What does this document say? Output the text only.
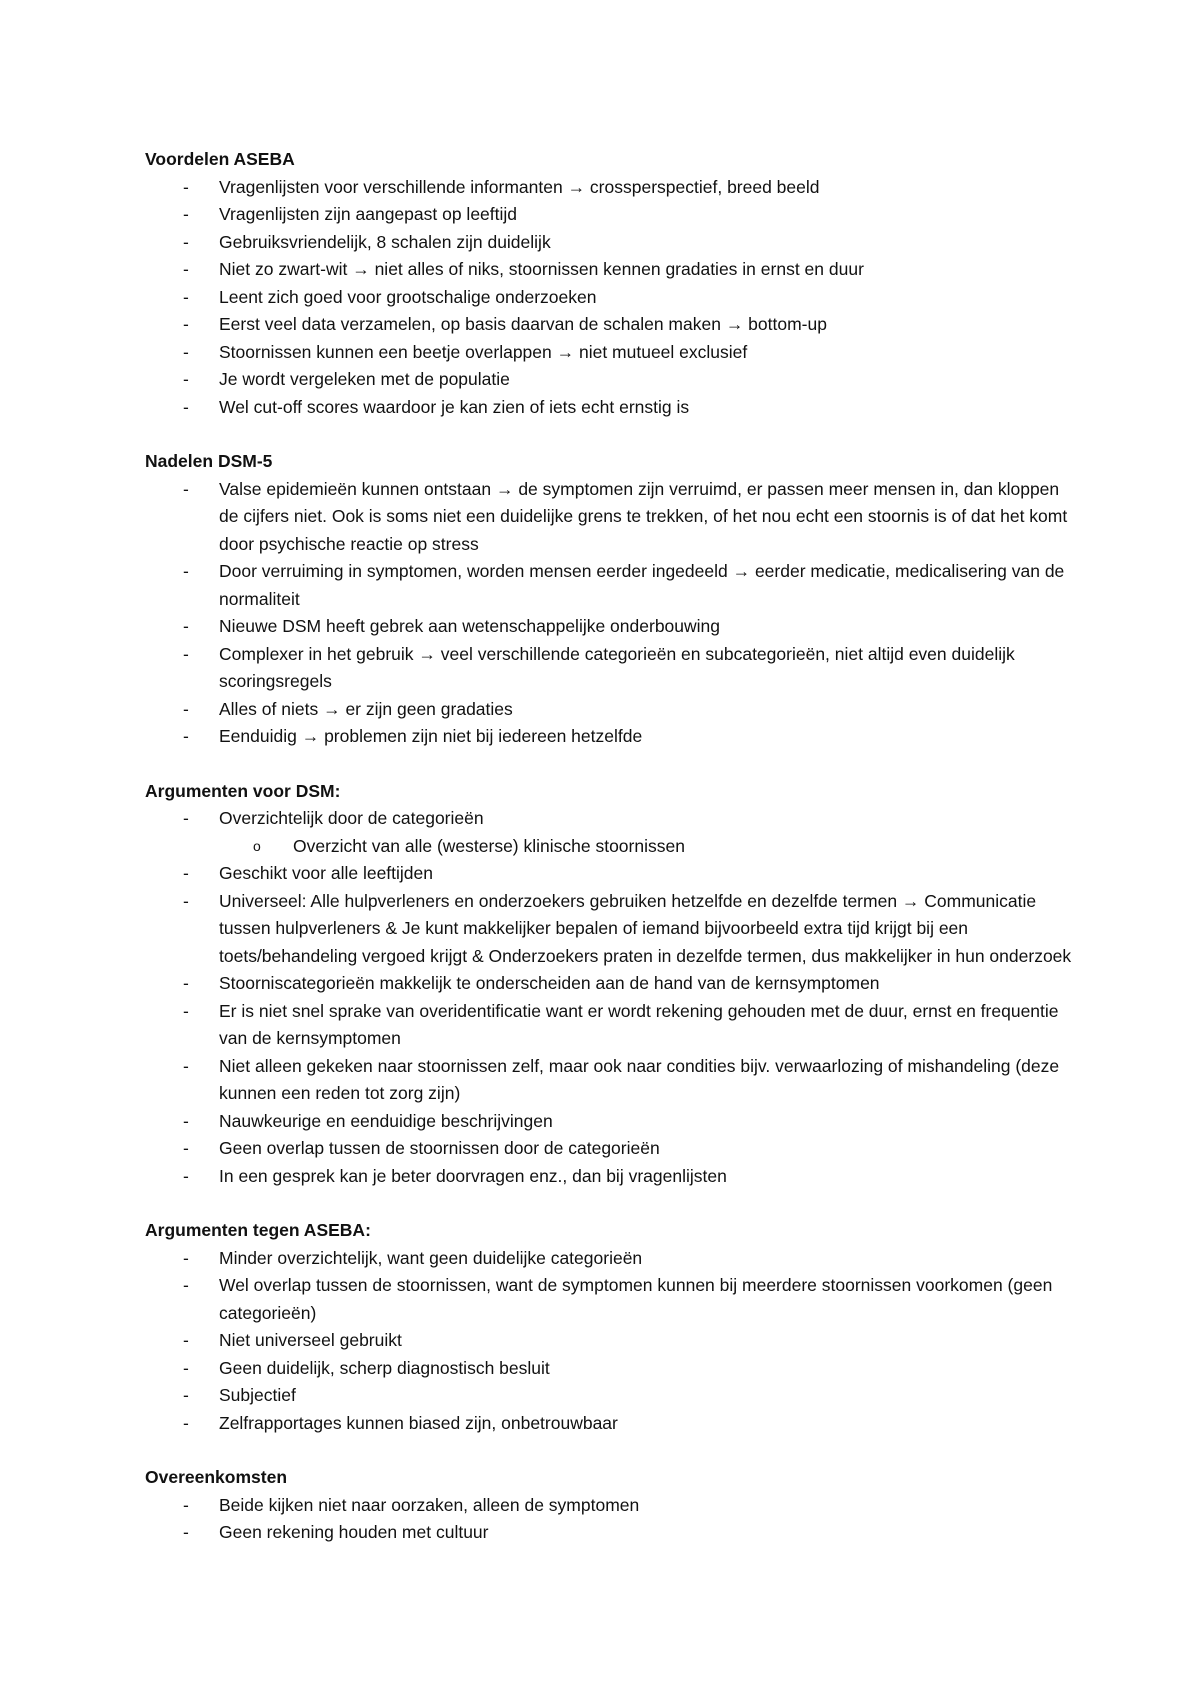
Voordelen ASEBA
-	Vragenlijsten voor verschillende informanten → crossperspectief, breed beeld
-	Vragenlijsten zijn aangepast op leeftijd
-	Gebruiksvriendelijk, 8 schalen zijn duidelijk
-	Niet zo zwart-wit → niet alles of niks, stoornissen kennen gradaties in ernst en duur
-	Leent zich goed voor grootschalige onderzoeken
-	Eerst veel data verzamelen, op basis daarvan de schalen maken → bottom-up
-	Stoornissen kunnen een beetje overlappen → niet mutueel exclusief
-	Je wordt vergeleken met de populatie
-	Wel cut-off scores waardoor je kan zien of iets echt ernstig is
Nadelen DSM-5
-	Valse epidemieën kunnen ontstaan → de symptomen zijn verruimd, er passen meer mensen in, dan kloppen de cijfers niet. Ook is soms niet een duidelijke grens te trekken, of het nou echt een stoornis is of dat het komt door psychische reactie op stress
-	Door verruiming in symptomen, worden mensen eerder ingedeeld → eerder medicatie, medicalisering van de normaliteit
-	Nieuwe DSM heeft gebrek aan wetenschappelijke onderbouwing
-	Complexer in het gebruik → veel verschillende categorieën en subcategorieën, niet altijd even duidelijk scoringsregels
-	Alles of niets → er zijn geen gradaties
-	Eenduidig → problemen zijn niet bij iedereen hetzelfde
Argumenten voor DSM:
-	Overzichtelijk door de categorieën
o Overzicht van alle (westerse) klinische stoornissen
-	Geschikt voor alle leeftijden
-	Universeel: Alle hulpverleners en onderzoekers gebruiken hetzelfde en dezelfde termen → Communicatie tussen hulpverleners & Je kunt makkelijker bepalen of iemand bijvoorbeeld extra tijd krijgt bij een toets/behandeling vergoed krijgt & Onderzoekers praten in dezelfde termen, dus makkelijker in hun onderzoek
-	Stoorniscategorieën makkelijk te onderscheiden aan de hand van de kernsymptomen
-	Er is niet snel sprake van overidentificatie want er wordt rekening gehouden met de duur, ernst en frequentie van de kernsymptomen
-	Niet alleen gekeken naar stoornissen zelf, maar ook naar condities bijv. verwaarlozing of mishandeling (deze kunnen een reden tot zorg zijn)
-	Nauwkeurige en eenduidige beschrijvingen
-	Geen overlap tussen de stoornissen door de categorieën
-	In een gesprek kan je beter doorvragen enz., dan bij vragenlijsten
Argumenten tegen ASEBA:
-	Minder overzichtelijk, want geen duidelijke categorieën
-	Wel overlap tussen de stoornissen, want de symptomen kunnen bij meerdere stoornissen voorkomen (geen categorieën)
-	Niet universeel gebruikt
-	Geen duidelijk, scherp diagnostisch besluit
-	Subjectief
-	Zelfrapportages kunnen biased zijn, onbetrouwbaar
Overeenkomsten
-	Beide kijken niet naar oorzaken, alleen de symptomen
-	Geen rekening houden met cultuur
